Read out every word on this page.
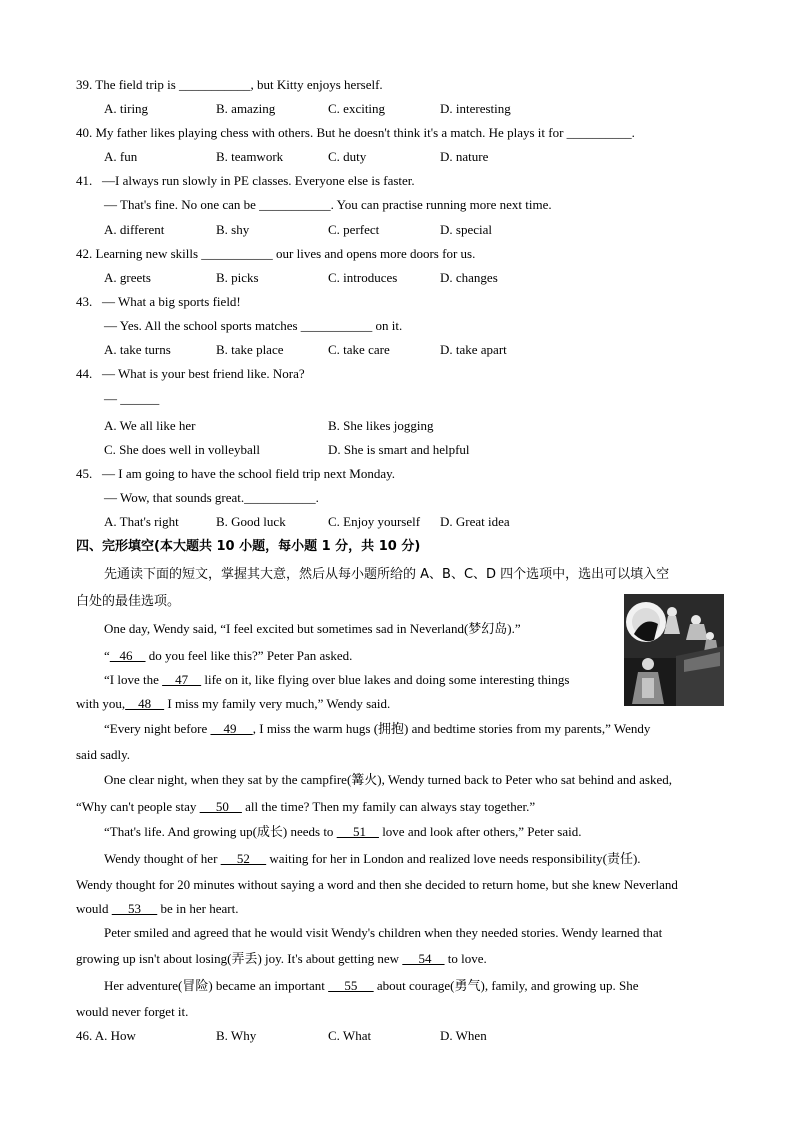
39. The field trip is ___________, but Kitty enjoys herself.
A. tiring	B. amazing	C. exciting	D. interesting
40. My father likes playing chess with others. But he doesn't think it's a match. He plays it for __________.
A. fun	B. teamwork	C. duty	D. nature
41.   —I always run slowly in PE classes. Everyone else is faster.
— That's fine. No one can be ___________. You can practise running more next time.
A. different	B. shy	C. perfect	D. special
42. Learning new skills ___________ our lives and opens more doors for us.
A. greets	B. picks	C. introduces	D. changes
43.   — What a big sports field!
— Yes. All the school sports matches ___________ on it.
A. take turns	B. take place	C. take care	D. take apart
44.   — What is your best friend like. Nora?
— ______
A. We all like her	B. She likes jogging
C. She does well in volleyball	D. She is smart and helpful
45.   — I am going to have the school field trip next Monday.
— Wow, that sounds great.___________.
A. That's right	B. Good luck	C. Enjoy yourself D. Great idea
四、完形填空(本大题共 10 小题，每小题 1 分，共 10 分)
先通读下面的短文，掌握其大意，然后从每小题所给的 A、B、C、D 四个选项中，选出可以填入空
白处的最佳选项。
One day, Wendy said, “I feel excited but sometimes sad in Neverland(梦幻岛).”
“   46     do you feel like this?” Peter Pan asked.
“I love the     47     life on it, like flying over blue lakes and doing some interesting things
with you,    48     I miss my family very much,” Wendy said.
“Every night before     49     , I miss the warm hugs (拥抱) and bedtime stories from my parents,” Wendy
said sadly.
One clear night, when they sat by the campfire(篝火), Wendy turned back to Peter who sat behind and asked,
“Why can't people stay      50     all the time? Then my family can always stay together.”
“That's life. And growing up(成长) needs to      51     love and look after others,” Peter said.
Wendy thought of her      52      waiting for her in London and realized love needs responsibility(责任).
Wendy thought for 20 minutes without saying a word and then she decided to return home, but she knew Neverland
would      53      be in her heart.
Peter smiled and agreed that he would visit Wendy's children when they needed stories. Wendy learned that
growing up isn't about losing(弄丢) joy. It's about getting new      54     to love.
Her adventure(冒险) became an important      55      about courage(勇气), family, and growing up. She
would never forget it.
46. A. How	B. Why	C. What	D. When
